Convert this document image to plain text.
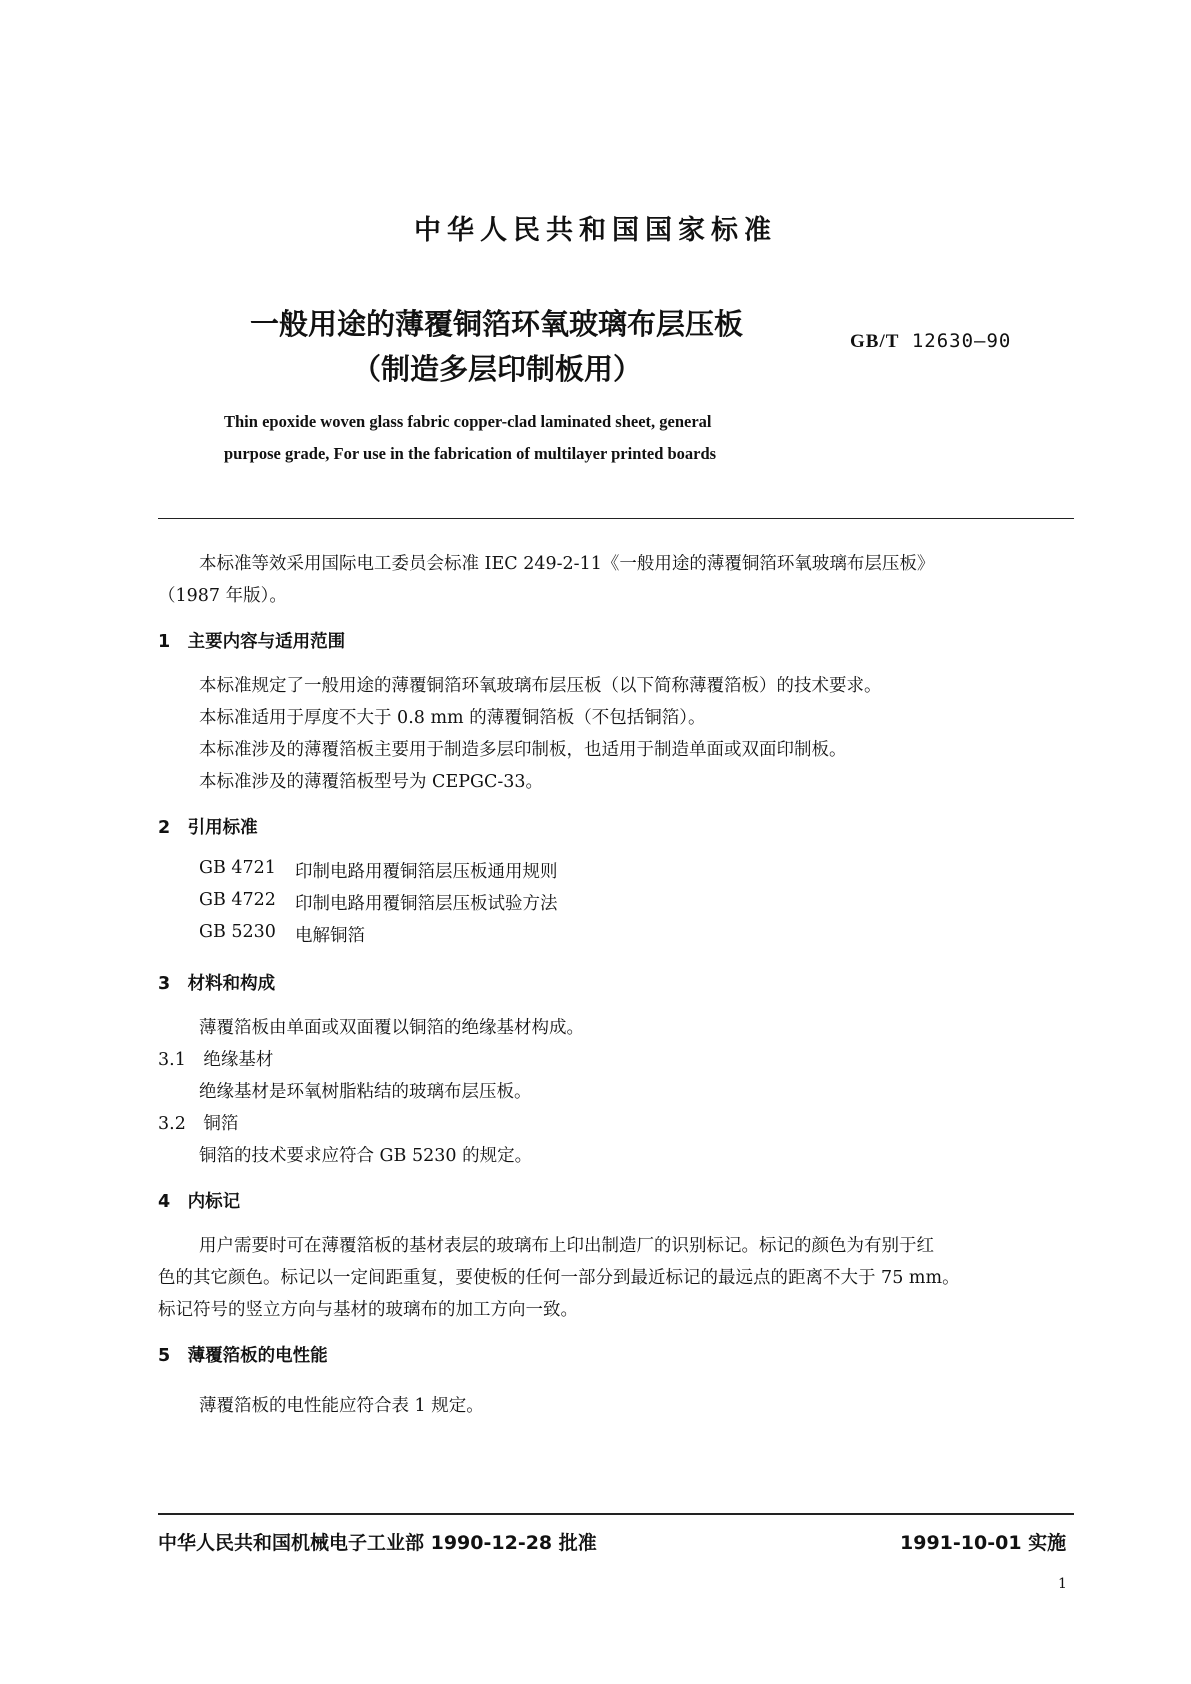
中华人民共和国国家标准
一般用途的薄覆铜箔环氧玻璃布层压板
（制造多层印制板用）
GB/T 12630—90
Thin epoxide woven glass fabric copper-clad laminated sheet, general
purpose grade, For use in the fabrication of multilayer printed boards
本标准等效采用国际电工委员会标准 IEC 249-2-11《一般用途的薄覆铜箔环氧玻璃布层压板》
（1987 年版）。
1　主要内容与适用范围
本标准规定了一般用途的薄覆铜箔环氧玻璃布层压板（以下简称薄覆箔板）的技术要求。
本标准适用于厚度不大于 0.8 mm 的薄覆铜箔板（不包括铜箔）。
本标准涉及的薄覆箔板主要用于制造多层印制板，也适用于制造单面或双面印制板。
本标准涉及的薄覆箔板型号为 CEPGC-33。
2　引用标准
GB 4721 印制电路用覆铜箔层压板通用规则
GB 4722 印制电路用覆铜箔层压板试验方法
GB 5230 电解铜箔
3　材料和构成
薄覆箔板由单面或双面覆以铜箔的绝缘基材构成。
3.1　绝缘基材
绝缘基材是环氧树脂粘结的玻璃布层压板。
3.2　铜箔
铜箔的技术要求应符合 GB 5230 的规定。
4　内标记
用户需要时可在薄覆箔板的基材表层的玻璃布上印出制造厂的识别标记。标记的颜色为有别于红
色的其它颜色。标记以一定间距重复，要使板的任何一部分到最近标记的最远点的距离不大于 75 mm。
标记符号的竖立方向与基材的玻璃布的加工方向一致。
5　薄覆箔板的电性能
薄覆箔板的电性能应符合表 1 规定。
中华人民共和国机械电子工业部 1990-12-28 批准	1991-10-01 实施
1
